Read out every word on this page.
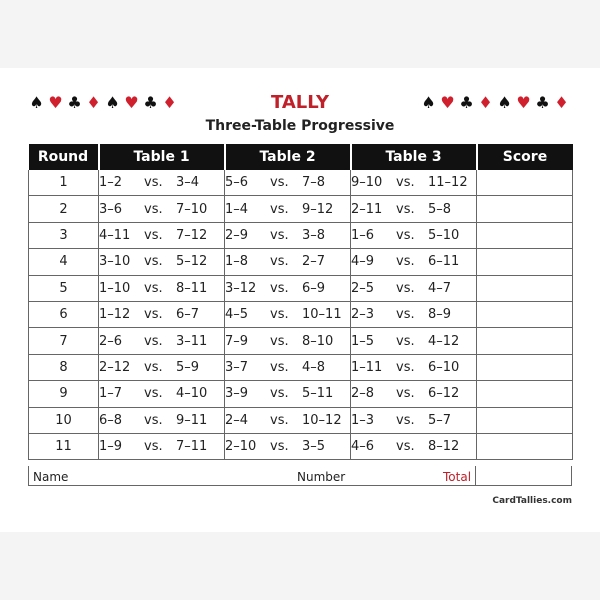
♠ ♥ ♣ ♦ ♠ ♥ ♣ ♦	♠ ♥ ♣ ♦ ♠ ♥ ♣ ♦
TALLY
Three-Table Progressive
Round	Table 1	Table 2	Table 3	Score
1	1–2 vs. 3–4	5–6 vs. 7–8	9–10 vs. 11–12	
2	3–6 vs. 7–10	1–4 vs. 9–12	2–11 vs. 5–8	
3	4–11 vs. 7–12	2–9 vs. 3–8	1–6 vs. 5–10	
4	3–10 vs. 5–12	1–8 vs. 2–7	4–9 vs. 6–11	
5	1–10 vs. 8–11	3–12 vs. 6–9	2–5 vs. 4–7	
6	1–12 vs. 6–7	4–5 vs. 10–11	2–3 vs. 8–9	
7	2–6 vs. 3–11	7–9 vs. 8–10	1–5 vs. 4–12	
8	2–12 vs. 5–9	3–7 vs. 4–8	1–11 vs. 6–10	
9	1–7 vs. 4–10	3–9 vs. 5–11	2–8 vs. 6–12	
10	6–8 vs. 9–11	2–4 vs. 10–12	1–3 vs. 5–7	
11	1–9 vs. 7–11	2–10 vs. 3–5	4–6 vs. 8–12	
Name	Number	Total
CardTallies.com
